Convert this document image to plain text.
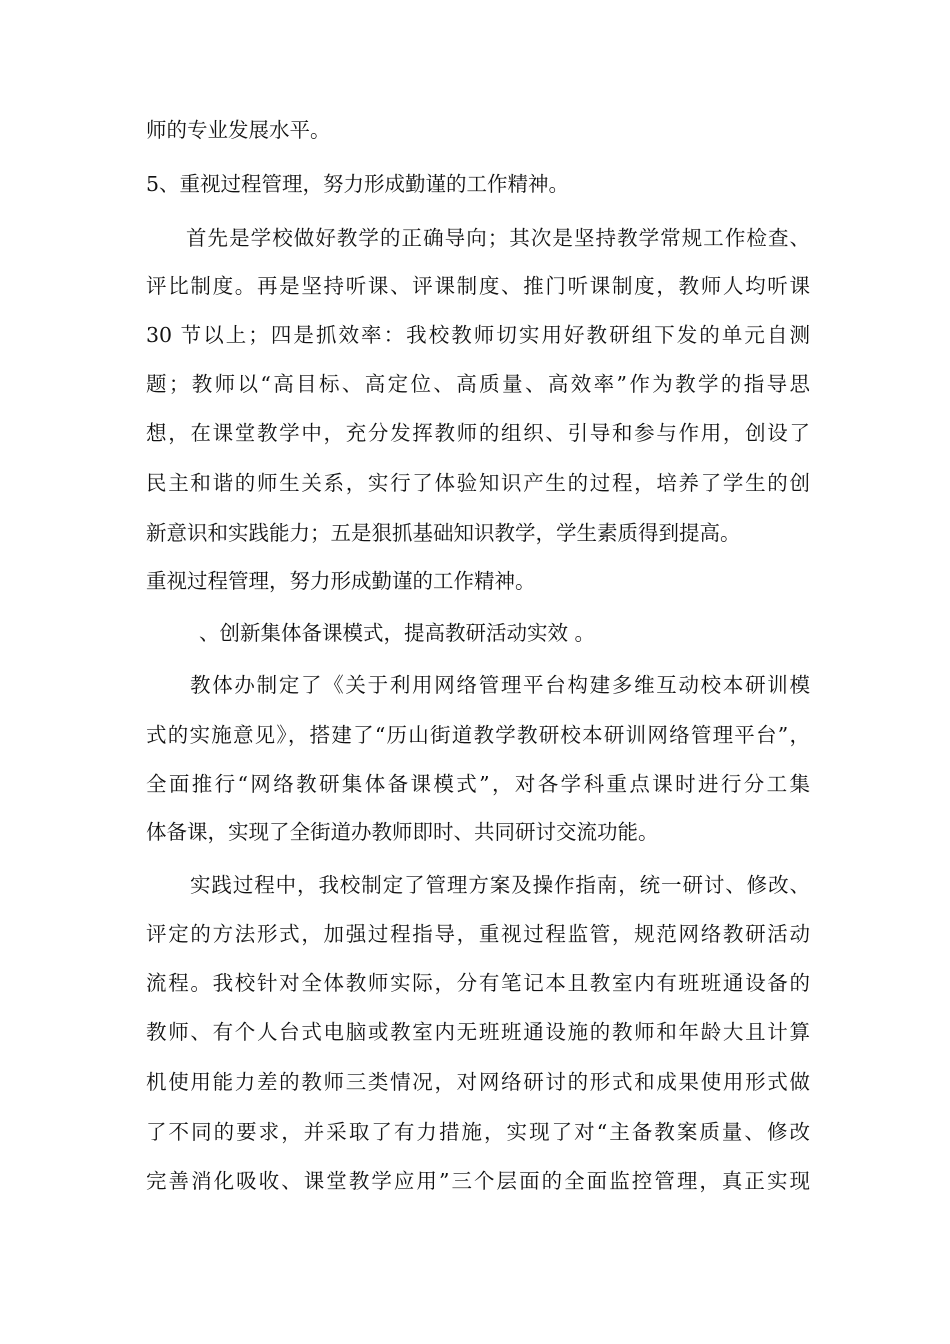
师的专业发展水平。
5、重视过程管理，努力形成勤谨的工作精神。
首先是学校做好教学的正确导向；其次是坚持教学常规工作检查、
评比制度。再是坚持听课、评课制度、推门听课制度，教师人均听课
30 节以上；四是抓效率：我校教师切实用好教研组下发的单元自测
题；教师以“高目标、高定位、高质量、高效率”作为教学的指导思
想，在课堂教学中，充分发挥教师的组织、引导和参与作用，创设了
民主和谐的师生关系，实行了体验知识产生的过程，培养了学生的创
新意识和实践能力；五是狠抓基础知识教学，学生素质得到提高。
重视过程管理，努力形成勤谨的工作精神。
、创新集体备课模式，提高教研活动实效 。
教体办制定了《关于利用网络管理平台构建多维互动校本研训模
式的实施意见》，搭建了“历山街道教学教研校本研训网络管理平台”，
全面推行“网络教研集体备课模式”，对各学科重点课时进行分工集
体备课，实现了全街道办教师即时、共同研讨交流功能。
实践过程中，我校制定了管理方案及操作指南，统一研讨、修改、
评定的方法形式，加强过程指导，重视过程监管，规范网络教研活动
流程。我校针对全体教师实际，分有笔记本且教室内有班班通设备的
教师、有个人台式电脑或教室内无班班通设施的教师和年龄大且计算
机使用能力差的教师三类情况，对网络研讨的形式和成果使用形式做
了不同的要求，并采取了有力措施，实现了对“主备教案质量、修改
完善消化吸收、课堂教学应用”三个层面的全面监控管理，真正实现
